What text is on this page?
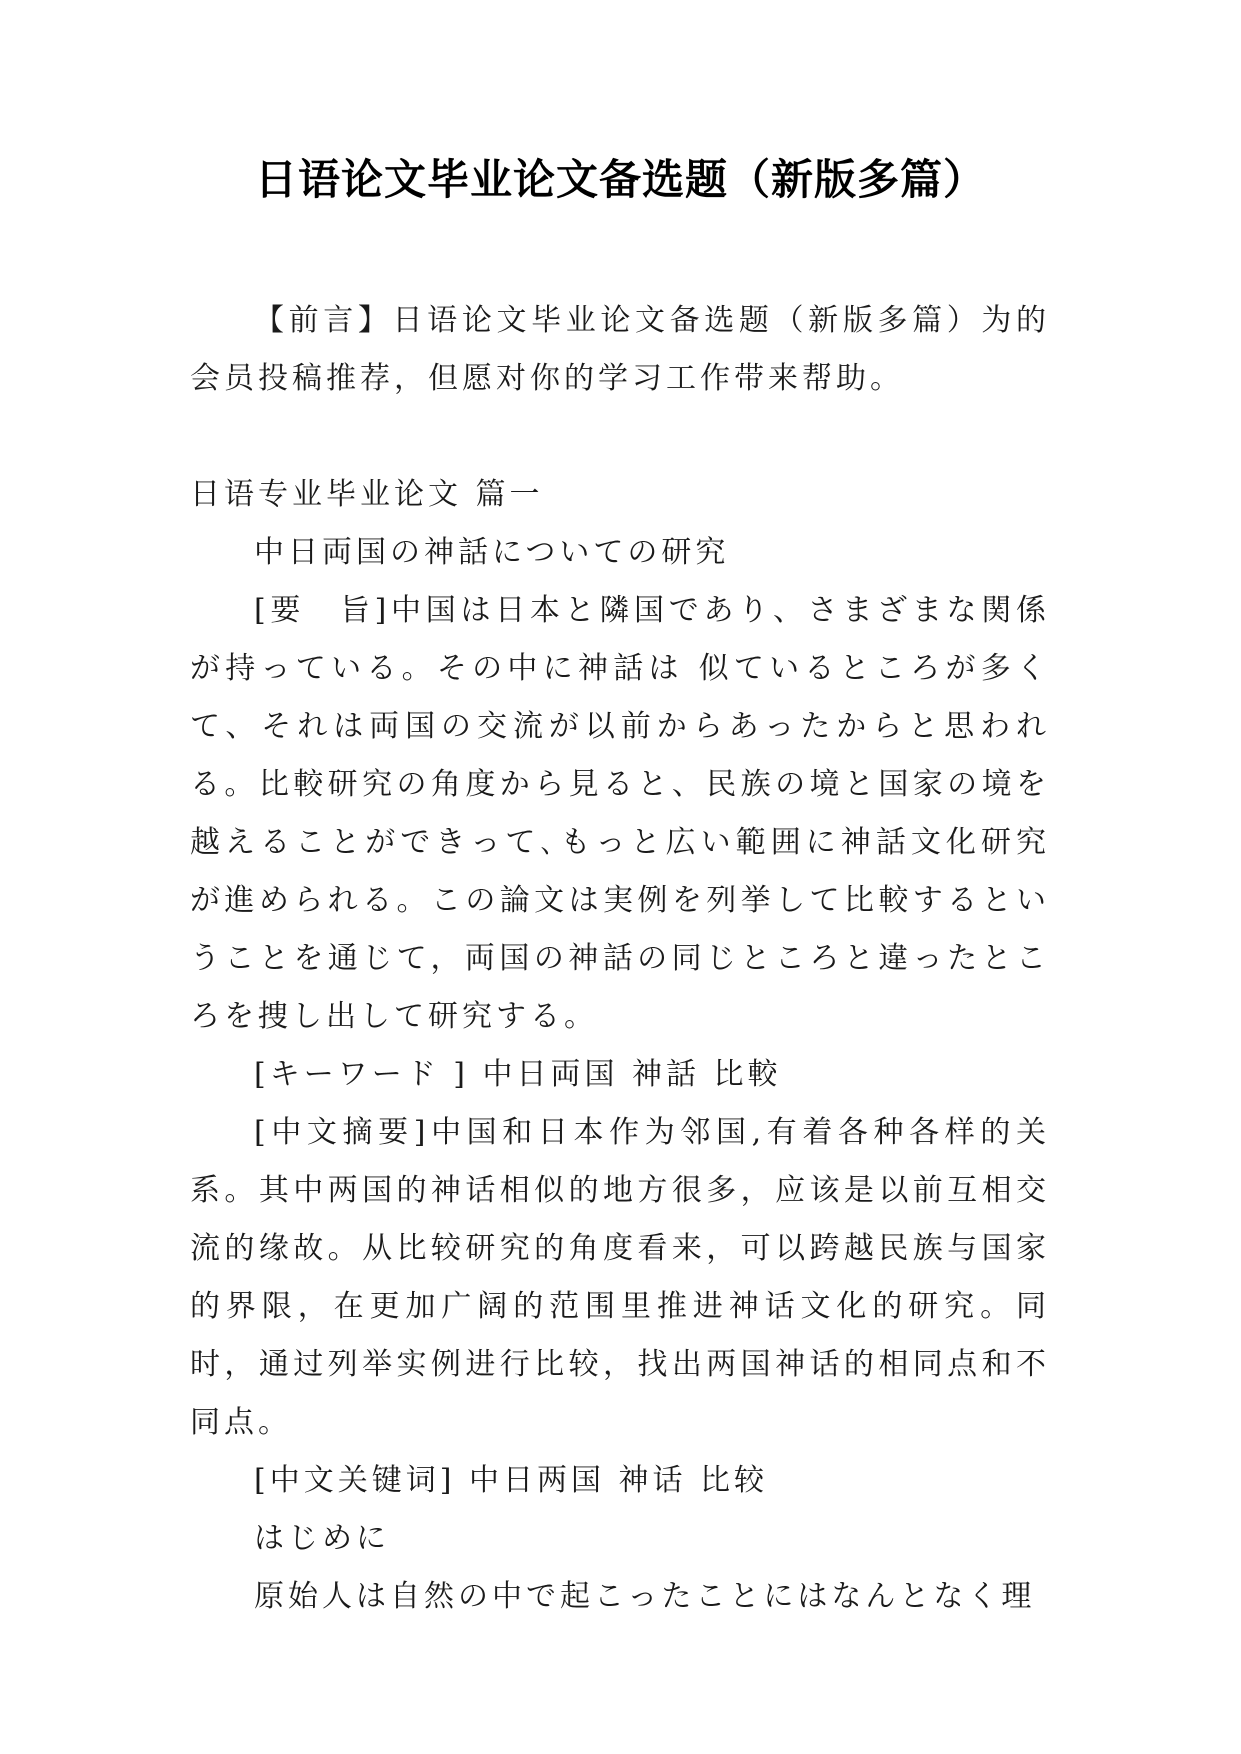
日语论文毕业论文备选题（新版多篇）

【前言】日语论文毕业论文备选题（新版多篇）为的会员投稿推荐，但愿对你的学习工作带来帮助。

日语专业毕业论文 篇一

中日両国の神話についての研究

[要　旨]中国は日本と隣国であり、さまざまな関係が持っている。その中に神話は 似ているところが多くて、それは両国の交流が以前からあったからと思われる。比較研究の角度から見ると、民族の境と国家の境を越えることができって､もっと広い範囲に神話文化研究が進められる。この論文は実例を列挙して比較するということを通じて，両国の神話の同じところと違ったところを捜し出して研究する。

[キーワード ] 中日両国 神話 比較

[中文摘要]中国和日本作为邻国,有着各种各样的关系。其中两国的神话相似的地方很多，应该是以前互相交流的缘故。从比较研究的角度看来，可以跨越民族与国家的界限，在更加广阔的范围里推进神话文化的研究。同时，通过列举实例进行比较，找出两国神话的相同点和不同点。

[中文关键词] 中日两国 神话 比较

はじめに

原始人は自然の中で起こったことにはなんとなく理
